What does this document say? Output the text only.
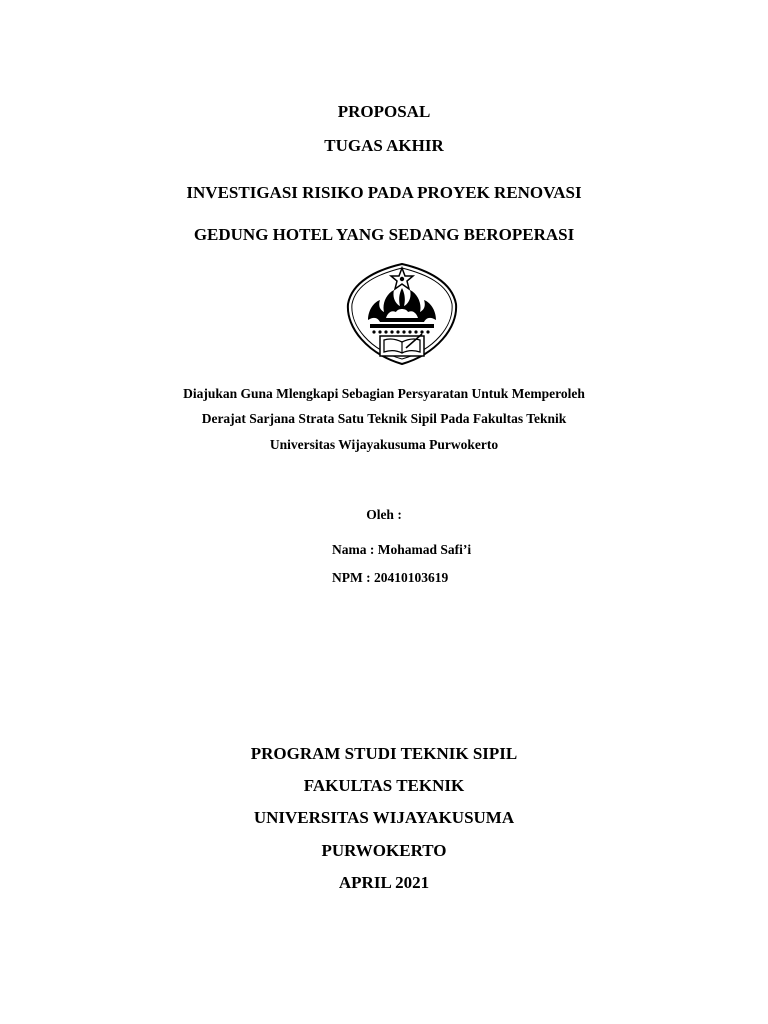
PROPOSAL
TUGAS AKHIR
INVESTIGASI RISIKO PADA PROYEK RENOVASI
GEDUNG HOTEL YANG SEDANG BEROPERASI
Diajukan Guna Mlengkapi Sebagian Persyaratan Untuk Memperoleh
Derajat Sarjana Strata Satu Teknik Sipil Pada Fakultas Teknik
Universitas Wijayakusuma Purwokerto
Oleh :
Nama : Mohamad Safi’i
NPM : 20410103619
PROGRAM STUDI TEKNIK SIPIL
FAKULTAS TEKNIK
UNIVERSITAS WIJAYAKUSUMA
PURWOKERTO
APRIL 2021
